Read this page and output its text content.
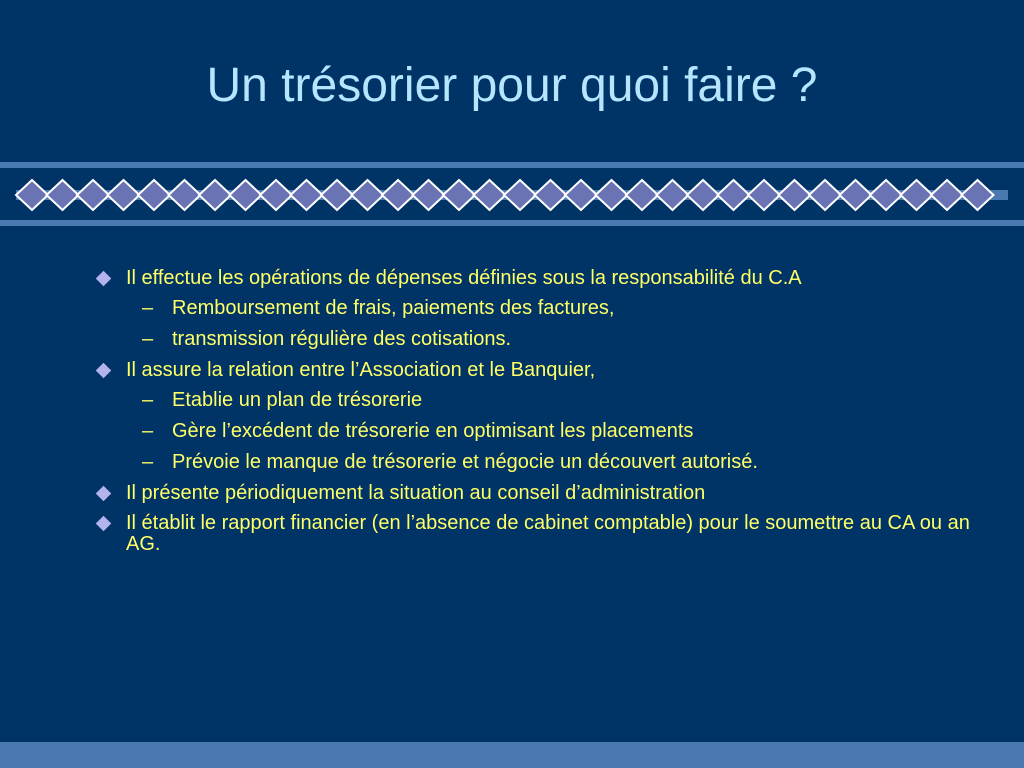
Un trésorier pour quoi faire ?
Il effectue les opérations de dépenses définies sous la responsabilité du C.A
– Remboursement de frais, paiements des factures,
– transmission régulière des cotisations.
Il assure la relation entre l’Association et le Banquier,
– Etablie un plan de trésorerie
– Gère l’excédent de trésorerie en optimisant les placements
– Prévoie le manque de trésorerie et négocie un découvert autorisé.
Il présente périodiquement la situation au conseil d’administration
Il établit le rapport financier (en l’absence de cabinet comptable) pour le soumettre au CA ou an AG.
